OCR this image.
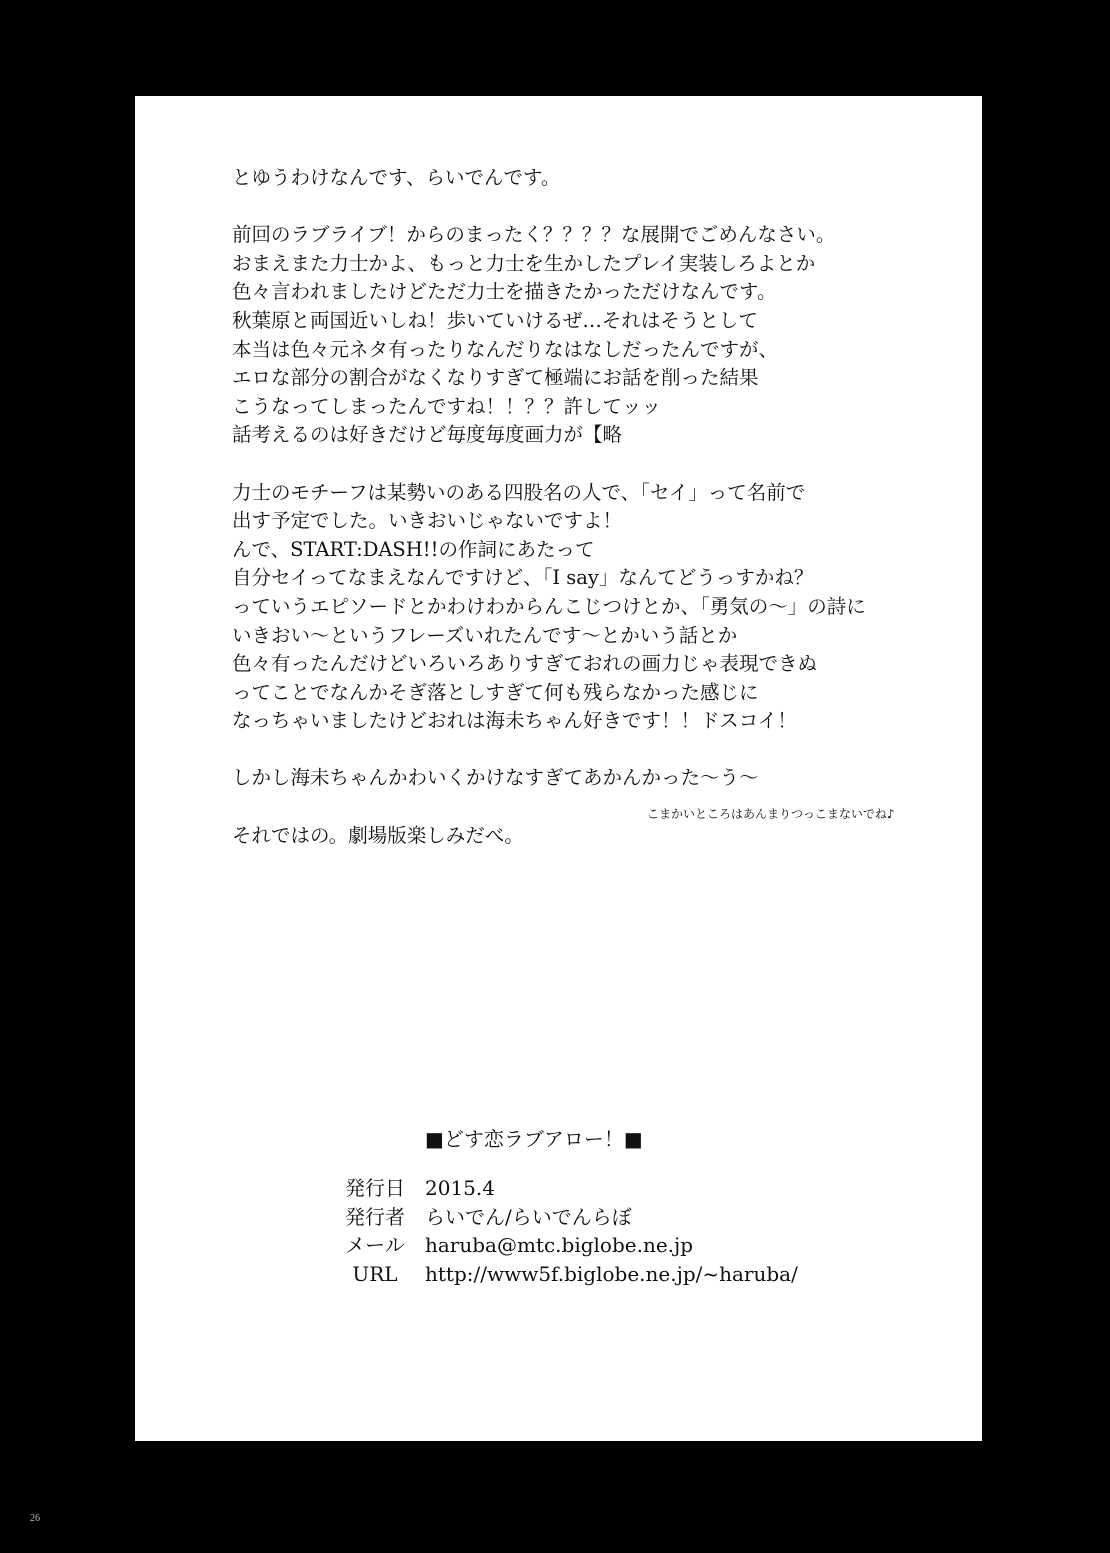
とゆうわけなんです、らいでんです。
前回のラブライブ！からのまったく？？？？な展開でごめんなさい。
おまえまた力士かよ、もっと力士を生かしたプレイ実装しろよとか
色々言われましたけどただ力士を描きたかっただけなんです。
秋葉原と両国近いしね！歩いていけるぜ…それはそうとして
本当は色々元ネタ有ったりなんだりなはなしだったんですが、
エロな部分の割合がなくなりすぎて極端にお話を削った結果
こうなってしまったんですね！！？？許してッッ
話考えるのは好きだけど毎度毎度画力が【略
力士のモチーフは某勢いのある四股名の人で、「セイ」って名前で
出す予定でした。いきおいじゃないですよ！
んで、START:DASH!!の作詞にあたって
自分セイってなまえなんですけど、「I say」なんてどうっすかね？
っていうエピソードとかわけわからんこじつけとか、「勇気の～」の詩に
いきおい～というフレーズいれたんです～とかいう話とか
色々有ったんだけどいろいろありすぎておれの画力じゃ表現できぬ
ってことでなんかそぎ落としすぎて何も残らなかった感じに
なっちゃいましたけどおれは海未ちゃん好きです！！ドスコイ！
しかし海未ちゃんかわいくかけなすぎてあかんかった～う～
それではの。劇場版楽しみだべ。
こまかいところはあんまりつっこまないでね♪
■どす恋ラブアロー！■
発行日	2015.4
発行者	らいでん/らいでんらぼ
メール	haruba@mtc.biglobe.ne.jp
URL	http://www5f.biglobe.ne.jp/~haruba/
26
